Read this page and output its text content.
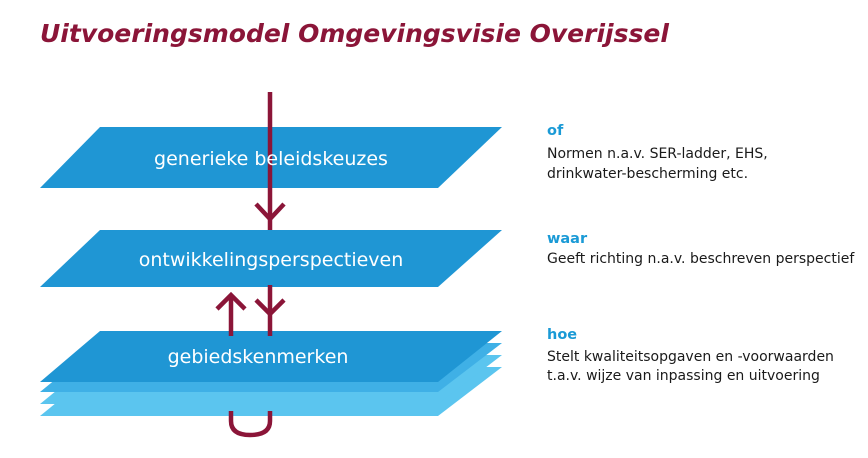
Uitvoeringsmodel Omgevingsvisie Overijssel
generieke beleidskeuzes
ontwikkelingsperspectieven
gebiedskenmerken
of
Normen n.a.v. SER-ladder, EHS,
drinkwater-bescherming etc.
waar
Geeft richting n.a.v. beschreven perspectief
hoe
Stelt kwaliteitsopgaven en -voorwaarden
t.a.v. wijze van inpassing en uitvoering
